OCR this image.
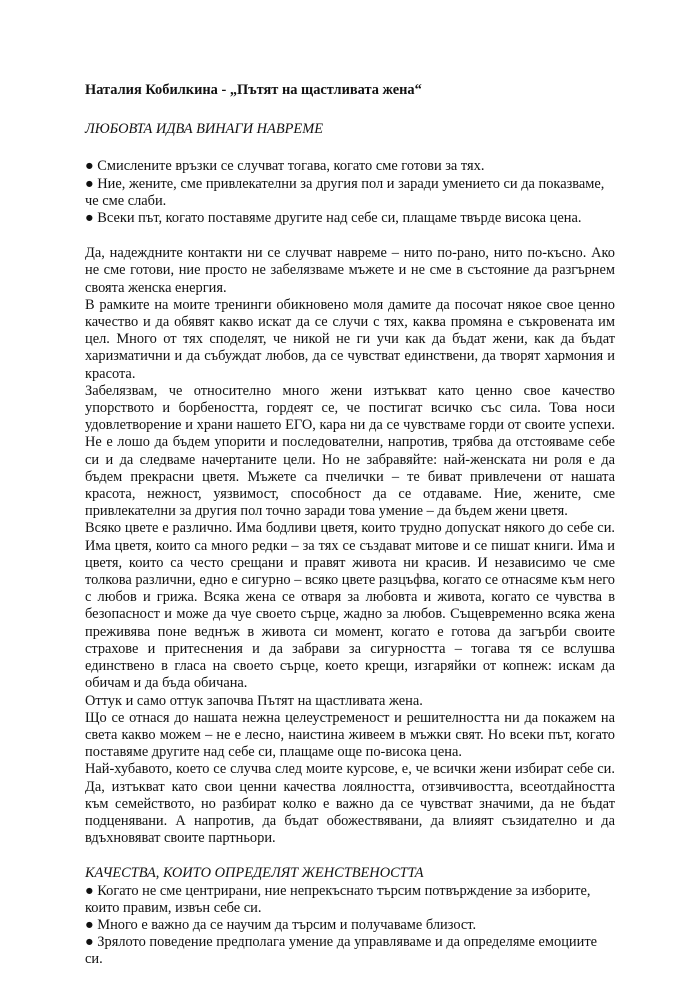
Наталия Кобилкина - „Пътят на щастливата жена“
ЛЮБОВТА ИДВА ВИНАГИ НАВРЕМЕ
● Смислените връзки се случват тогава, когато сме готови за тях.
● Ние, жените, сме привлекателни за другия пол и заради умението си да показваме, че сме слаби.
● Всеки път, когато поставяме другите над себе си, плащаме твърде висока цена.

Да, надеждните контакти ни се случват навреме – нито по-рано, нито по-късно. Ако не сме готови, ние просто не забелязваме мъжете и не сме в състояние да разгърнем своята женска енергия.

В рамките на моите тренинги обикновено моля дамите да посочат някое свое ценно качество и да обявят какво искат да се случи с тях, каква промяна е съкровената им цел. Много от тях споделят, че никой не ги учи как да бъдат жени, как да бъдат харизматични и да събуждат любов, да се чувстват единствени, да творят хармония и красота.

Забелязвам, че относително много жени изтъкват като ценно свое качество упорството и борбеността, гордеят се, че постигат всичко със сила. Това носи удовлетворение и храни нашето ЕГО, кара ни да се чувстваме горди от своите успехи. Не е лошо да бъдем упорити и последователни, напротив, трябва да отстояваме себе си и да следваме начертаните цели. Но не забравяйте: най-женската ни роля е да бъдем прекрасни цветя. Мъжете са пчелички – те биват привлечени от нашата красота, нежност, уязвимост, способност да се отдаваме. Ние, жените, сме привлекателни за другия пол точно заради това умение – да бъдем жени цветя.

Всяко цвете е различно. Има бодливи цветя, които трудно допускат някого до себе си. Има цветя, които са много редки – за тях се създават митове и се пишат книги. Има и цветя, които са често срещани и правят живота ни красив. И независимо че сме толкова различни, едно е сигурно – всяко цвете разцъфва, когато се отнасяме към него с любов и грижа. Всяка жена се отваря за любовта и живота, когато се чувства в безопасност и може да чуе своето сърце, жадно за любов. Същевременно всяка жена преживява поне веднъж в живота си момент, когато е готова да загърби своите страхове и притеснения и да забрави за сигурността – тогава тя се вслушва единствено в гласа на своето сърце, което крещи, изгаряйки от копнеж: искам да обичам и да бъда обичана.

Оттук и само оттук започва Пътят на щастливата жена.

Що се отнася до нашата нежна целеустременост и решителността ни да покажем на света какво можем – не е лесно, наистина живеем в мъжки свят. Но всеки път, когато поставяме другите над себе си, плащаме още по-висока цена.

Най-хубавото, което се случва след моите курсове, е, че всички жени избират себе си. Да, изтъкват като свои ценни качества лоялността, отзивчивостта, всеотдайността към семейството, но разбират колко е важно да се чувстват значими, да не бъдат подценявани. А напротив, да бъдат обожествявани, да влияят съзидателно и да вдъхновяват своите партньори.

КАЧЕСТВА, КОИТО ОПРЕДЕЛЯТ ЖЕНСТВЕНОСТТА
● Когато не сме центрирани, ние непрекъснато търсим потвърждение за изборите, които правим, извън себе си.
● Много е важно да се научим да търсим и получаваме близост.
● Зрялото поведение предполага умение да управляваме и да определяме емоциите си.
